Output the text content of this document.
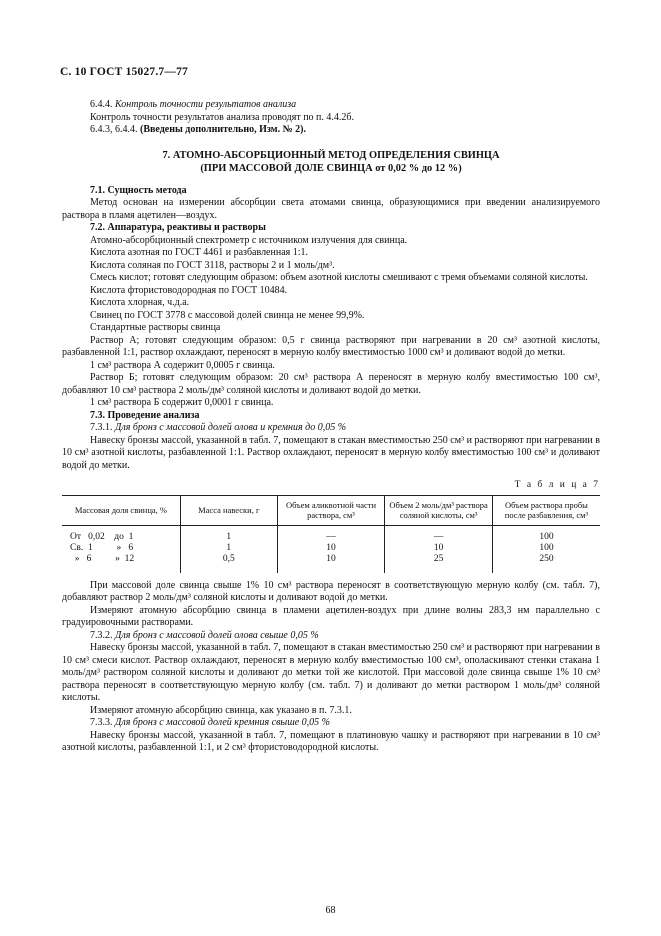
С. 10 ГОСТ 15027.7—77

6.4.4. Контроль точности результатов анализа

Контроль точности результатов анализа проводят по п. 4.4.2б.

6.4.3, 6.4.4. (Введены дополнительно, Изм. № 2).

7. АТОМНО-АБСОРБЦИОННЫЙ МЕТОД ОПРЕДЕЛЕНИЯ СВИНЦА
(ПРИ МАССОВОЙ ДОЛЕ СВИНЦА от 0,02 % до 12 %)

7.1. Сущность метода

Метод основан на измерении абсорбции света атомами свинца, образующимися при введении анализируемого раствора в пламя ацетилен—воздух.

7.2. Аппаратура, реактивы и растворы

Атомно-абсорбционный спектрометр с источником излучения для свинца.

Кислота азотная по ГОСТ 4461 и разбавленная 1:1.

Кислота соляная по ГОСТ 3118, растворы 2 и 1 моль/дм³.

Смесь кислот; готовят следующим образом: объем азотной кислоты смешивают с тремя объемами соляной кислоты.

Кислота фтористоводородная по ГОСТ 10484.

Кислота хлорная, ч.д.а.

Свинец по ГОСТ 3778 с массовой долей свинца не менее 99,9%.

Стандартные растворы свинца

Раствор А; готовят следующим образом: 0,5 г свинца растворяют при нагревании в 20 см³ азотной кислоты, разбавленной 1:1, раствор охлаждают, переносят в мерную колбу вместимостью 1000 см³ и доливают водой до метки.

1 см³ раствора А содержит 0,0005 г свинца.

Раствор Б; готовят следующим образом: 20 см³ раствора А переносят в мерную колбу вместимостью 100 см³, добавляют 10 см³ раствора 2 моль/дм³ соляной кислоты и доливают водой до метки.

1 см³ раствора Б содержит 0,0001 г свинца.

7.3. Проведение анализа

7.3.1. Для бронз с массовой долей олова и кремния до 0,05 %

Навеску бронзы массой, указанной в табл. 7, помещают в стакан вместимостью 250 см³ и растворяют при нагревании в 10 см³ азотной кислоты, разбавленной 1:1. Раствор охлаждают, переносят в мерную колбу вместимостью 100 см³ и доливают водой до метки.

Т а б л и ц а 7
Массовая доля свинца, %	Масса навески, г	Объем аликвотной части раствора, см³	Объем 2 моль/дм³ раствора соляной кислоты, см³	Объем раствора пробы после разбавления, см³
От   0,02    до  1	1	—	—	100
Св.  1          »   6	1	10	10	100
»   6          »  12	0,5	10	25	250

При массовой доле свинца свыше 1% 10 см³ раствора переносят в соответствующую мерную колбу (см. табл. 7), добавляют раствор 2 моль/дм³ соляной кислоты и доливают водой до метки.

Измеряют атомную абсорбцию свинца в пламени ацетилен-воздух при длине волны 283,3 нм параллельно с градуировочными растворами.

7.3.2. Для бронз с массовой долей олова свыше 0,05 %

Навеску бронзы массой, указанной в табл. 7, помещают в стакан вместимостью 250 см³ и растворяют при нагревании в 10 см³ смеси кислот. Раствор охлаждают, переносят в мерную колбу вместимостью 100 см³, ополаскивают стенки стакана 1 моль/дм³ раствором соляной кислоты и доливают до метки той же кислотой. При массовой доле свинца свыше 1% 10 см³ раствора переносят в соответствующую мерную колбу (см. табл. 7) и доливают до метки раствором 1 моль/дм³ соляной кислоты.

Измеряют атомную абсорбцию свинца, как указано в п. 7.3.1.

7.3.3. Для бронз с массовой долей кремния свыше 0,05 %

Навеску бронзы массой, указанной в табл. 7, помещают в платиновую чашку и растворяют при нагревании в 10 см³ азотной кислоты, разбавленной 1:1, и 2 см³ фтористоводородной кислоты.

68
